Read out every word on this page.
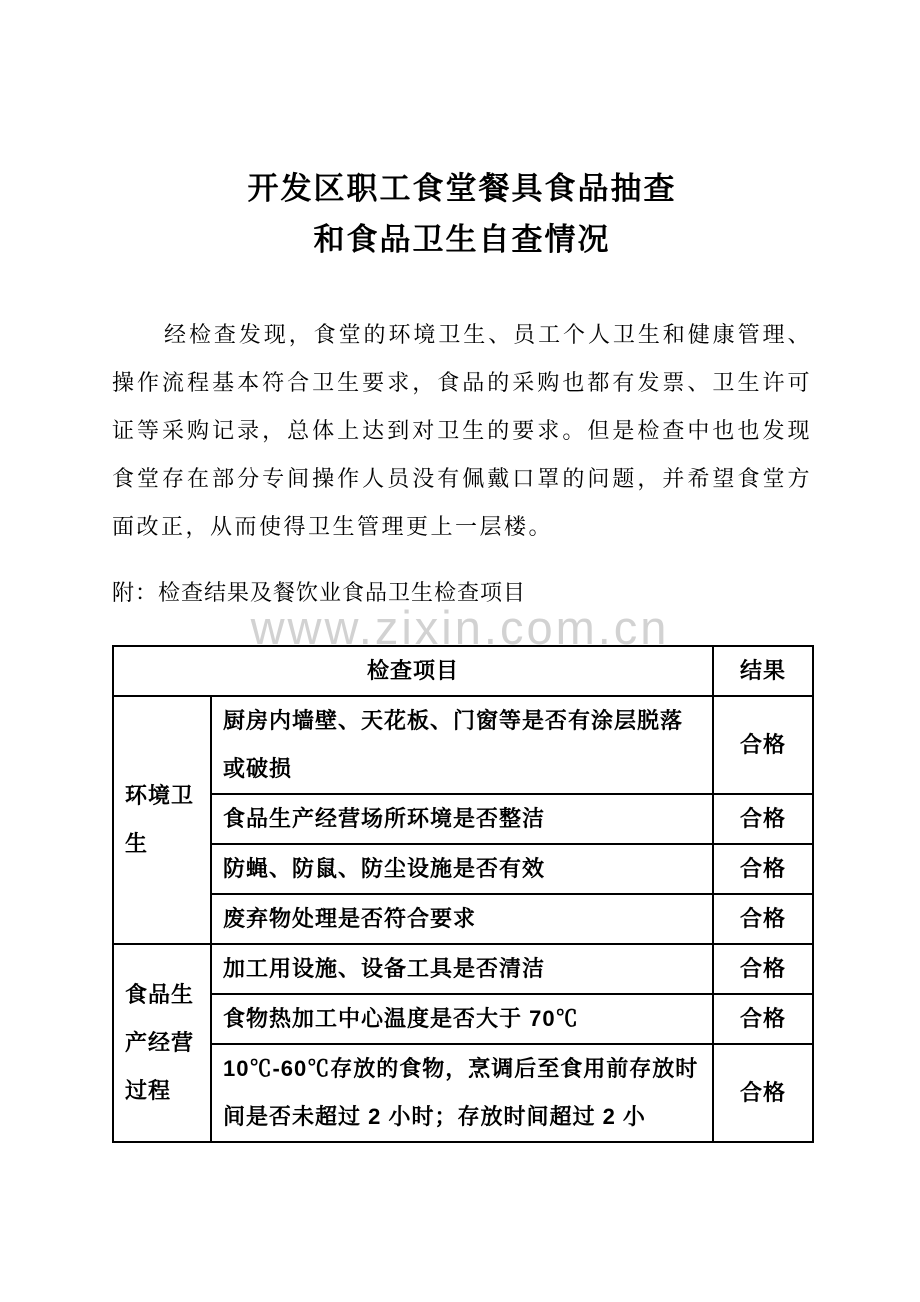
www.zixin.com.cn
开发区职工食堂餐具食品抽查
和食品卫生自查情况

经检查发现，食堂的环境卫生、员工个人卫生和健康管理、操作流程基本符合卫生要求，食品的采购也都有发票、卫生许可证等采购记录，总体上达到对卫生的要求。但是检查中也也发现食堂存在部分专间操作人员没有佩戴口罩的问题，并希望食堂方面改正，从而使得卫生管理更上一层楼。

附：检查结果及餐饮业食品卫生检查项目

检查项目		结果
环境卫生	厨房内墙壁、天花板、门窗等是否有涂层脱落或破损	合格
	食品生产经营场所环境是否整洁	合格
	防蝇、防鼠、防尘设施是否有效	合格
	废弃物处理是否符合要求	合格
食品生产经营过程	加工用设施、设备工具是否清洁	合格
	食物热加工中心温度是否大于 70℃	合格
	10℃-60℃存放的食物，烹调后至食用前存放时间是否未超过 2 小时；存放时间超过 2 小	合格
